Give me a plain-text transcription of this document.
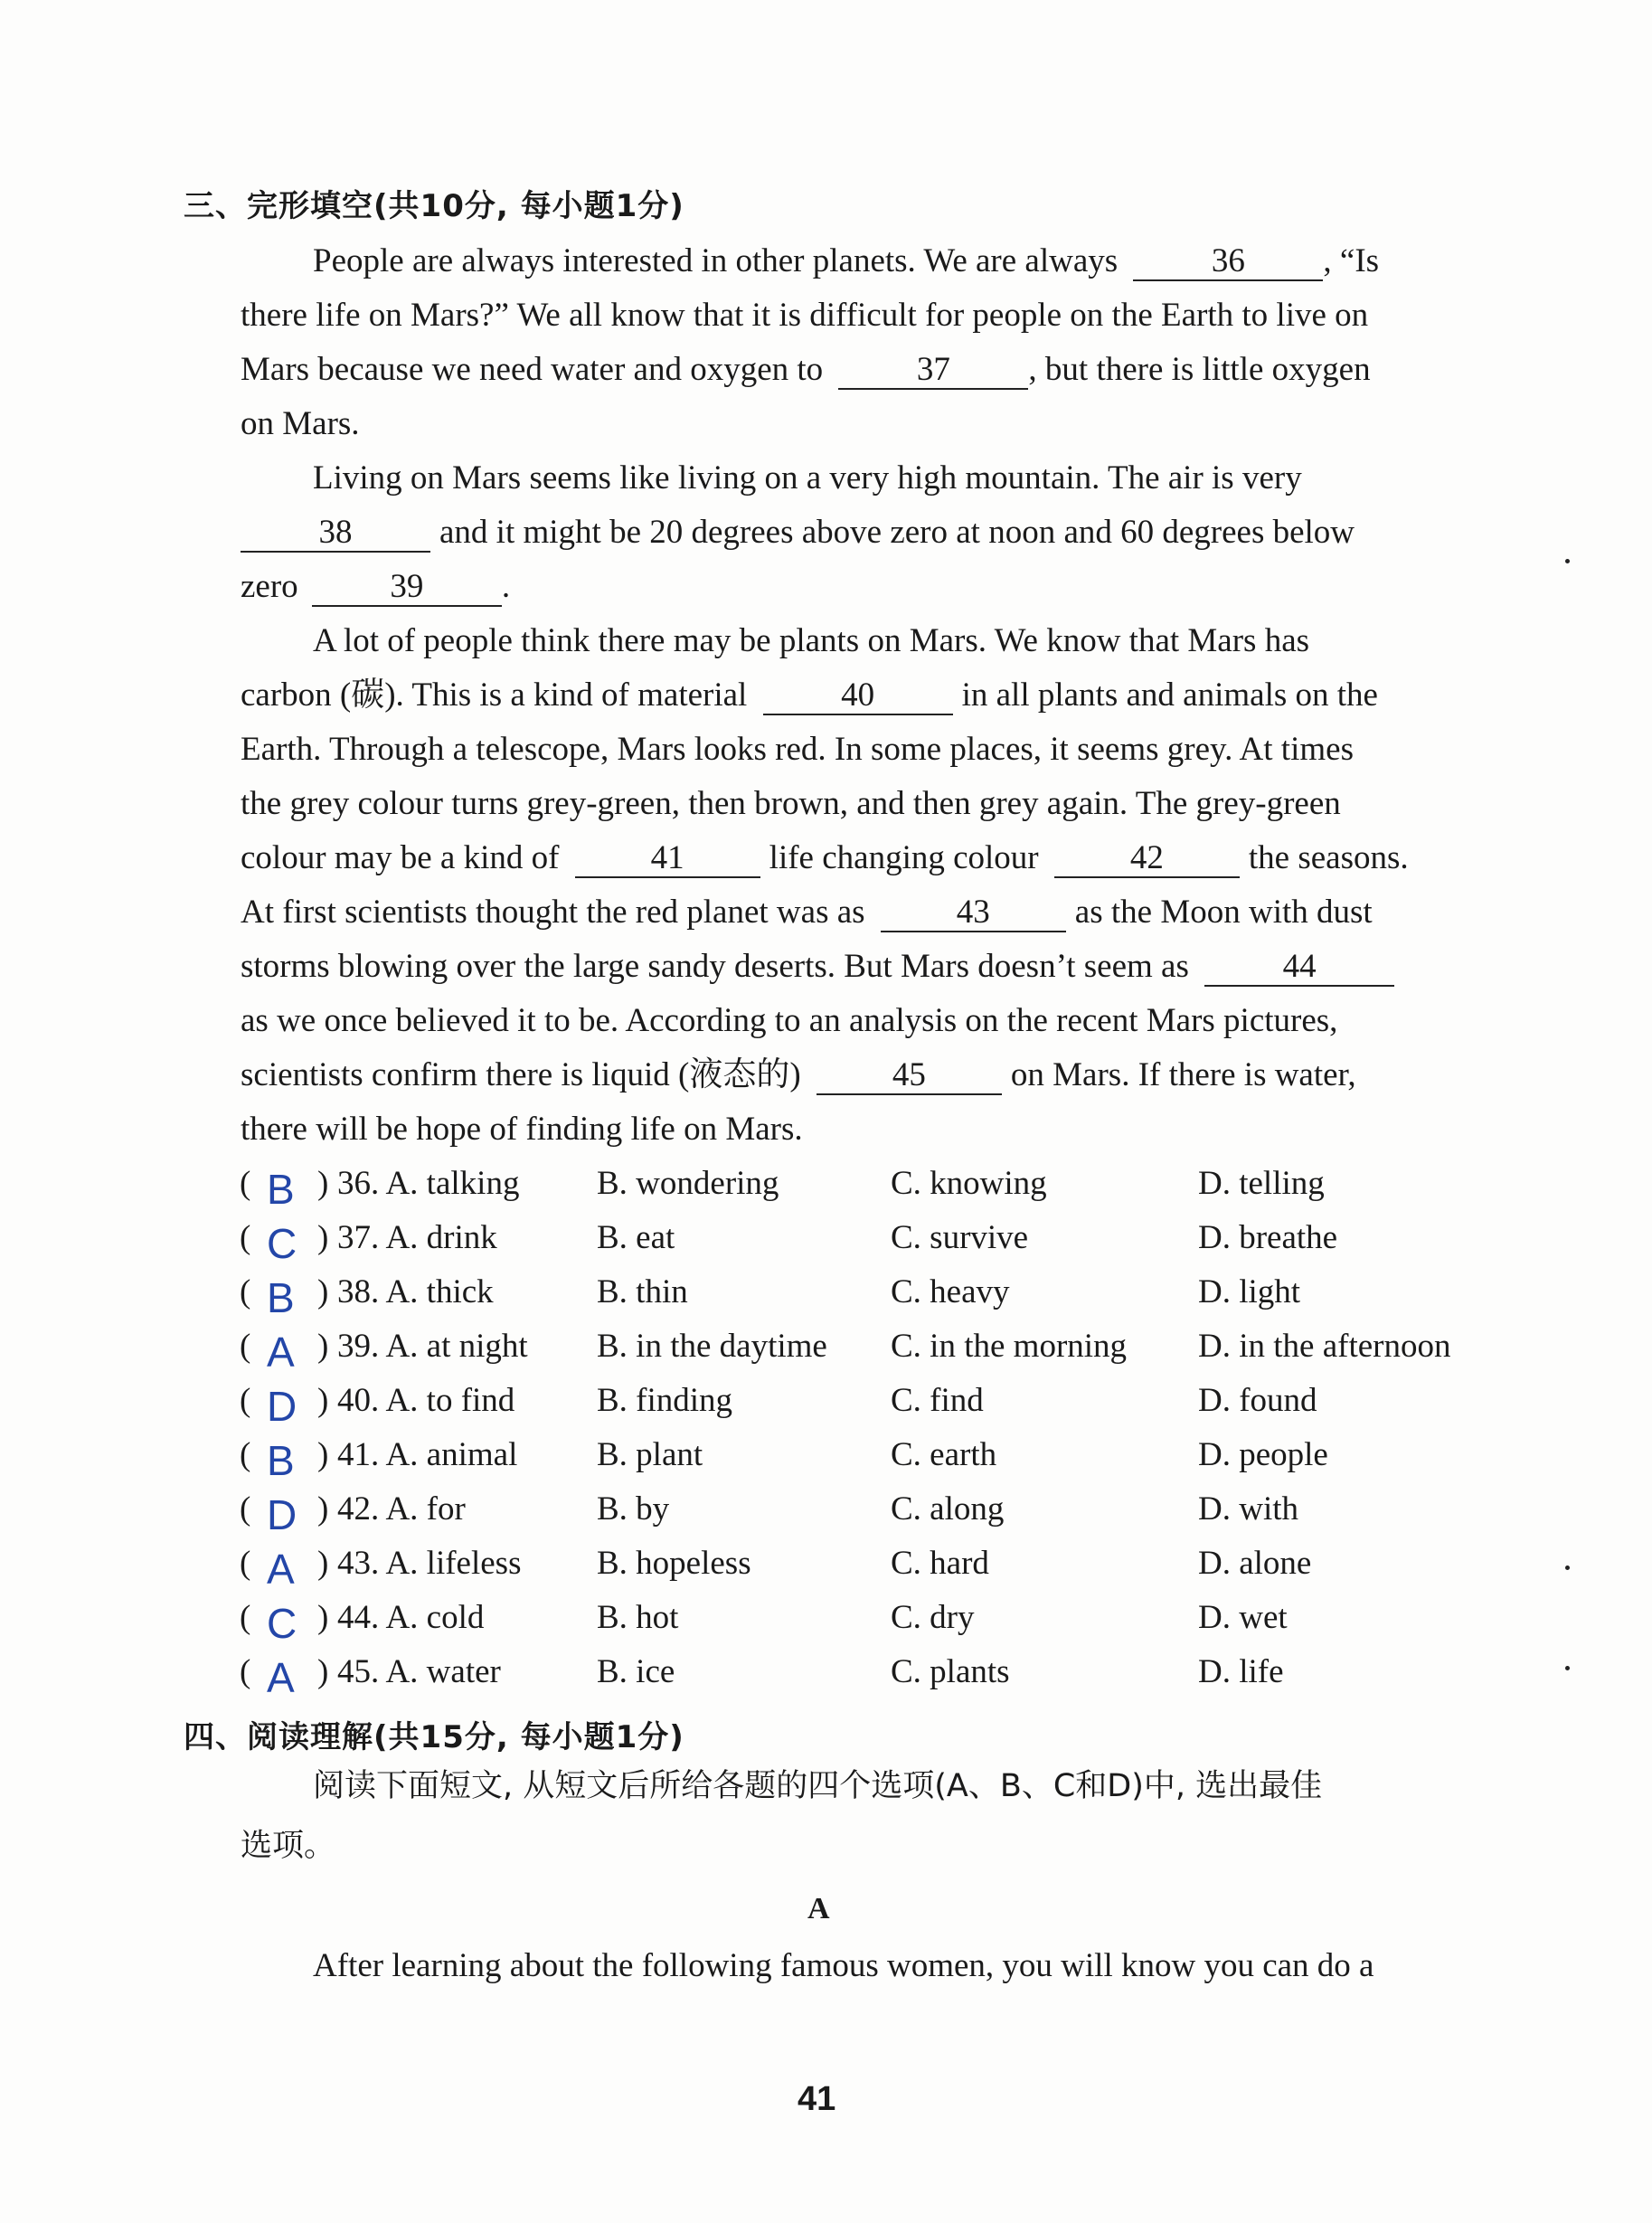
三、完形填空(共10分, 每小题1分)
People are always interested in other planets. We are always	36 , “Is
there life on Mars?” We all know that it is difficult for people on the Earth to live on
Mars because we need water and oxygen to	37 , but there is little oxygen
on Mars.
Living on Mars seems like living on a very high mountain. The air is very
38	and it might be 20 degrees above zero at noon and 60 degrees below
zero	39 .
A lot of people think there may be plants on Mars. We know that Mars has
carbon (碳). This is a kind of material	40	in all plants and animals on the
Earth. Through a telescope, Mars looks red. In some places, it seems grey. At times
the grey colour turns grey-green, then brown, and then grey again. The grey-green
colour may be a kind of	41	life changing colour	42	the seasons.
At first scientists thought the red planet was as	43	as the Moon with dust
storms blowing over the large sandy deserts. But Mars doesn’t seem as	44
as we once believed it to be. According to an analysis on the recent Mars pictures,
scientists confirm there is liquid (液态的)	45	on Mars. If there is water,
there will be hope of finding life on Mars.
( B ) 36. A. talking B. wondering	C. knowing	D. telling
( C ) 37. A. drink	B. eat	C. survive	D. breathe
( B ) 38. A. thick	B. thin	C. heavy	D. light
( A ) 39. A. at night B. in the daytime C. in the morning D. in the afternoon
( D ) 40. A. to find B. finding	C. find	D. found
( B ) 41. A. animal B. plant	C. earth	D. people
( D ) 42. A. for	B. by	C. along	D. with
( A ) 43. A. lifeless B. hopeless	C. hard	D. alone
( C ) 44. A. cold	B. hot	C. dry	D. wet
( A ) 45. A. water	B. ice	C. plants	D. life
四、阅读理解(共15分, 每小题1分)
阅读下面短文, 从短文后所给各题的四个选项(A、B、C和D)中, 选出最佳
选项。
A
After learning about the following famous women, you will know you can do a
41
